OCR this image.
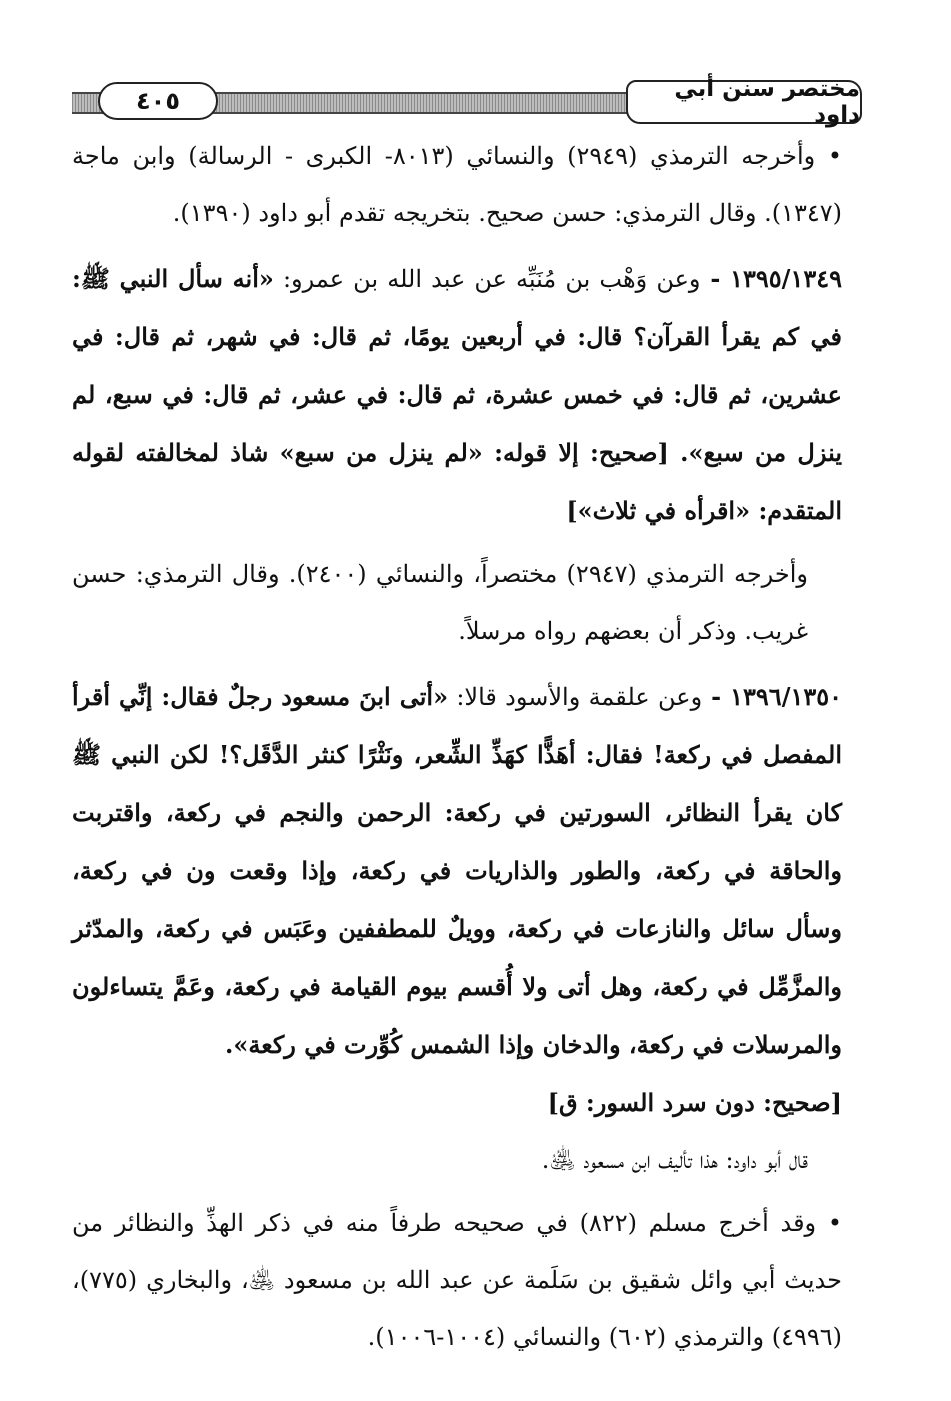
٤٠٥	مختصر سنن أبي داود

• وأخرجه الترمذي (٢٩٤٩) والنسائي (٨٠١٣- الكبرى - الرسالة) وابن ماجة (١٣٤٧). وقال الترمذي: حسن صحيح. بتخريجه تقدم أبو داود (١٣٩٠).

١٣٩٥/١٣٤٩ - وعن وَهْب بن مُنَبِّه عن عبد الله بن عمرو: «أنه سأل النبي ﷺ: في كم يقرأ القرآن؟ قال: في أربعين يومًا، ثم قال: في شهر، ثم قال: في عشرين، ثم قال: في خمس عشرة، ثم قال: في عشر، ثم قال: في سبع، لم ينزل من سبع». [صحيح: إلا قوله: «لم ينزل من سبع» شاذ لمخالفته لقوله المتقدم: «اقرأه في ثلاث»]

وأخرجه الترمذي (٢٩٤٧) مختصراً، والنسائي (٢٤٠٠). وقال الترمذي: حسن غريب. وذكر أن بعضهم رواه مرسلاً.

١٣٩٦/١٣٥٠ - وعن علقمة والأسود قالا: «أتى ابنَ مسعود رجلٌ فقال: إنِّي أقرأ المفصل في ركعة! فقال: أهَذًّا كهَذِّ الشِّعر، ونَثْرًا كنثر الدَّقَل؟! لكن النبي ﷺ كان يقرأ النظائر، السورتين في ركعة: الرحمن والنجم في ركعة، واقتربت والحاقة في ركعة، والطور والذاريات في ركعة، وإذا وقعت ون في ركعة، وسأل سائل والنازعات في ركعة، وويلٌ للمطففين وعَبَس في ركعة، والمدّثر والمزَّمِّل في ركعة، وهل أتى ولا أُقسم بيوم القيامة في ركعة، وعَمَّ يتساءلون والمرسلات في ركعة، والدخان وإذا الشمس كُوِّرت في ركعة».
[صحيح: دون سرد السور: ق]

قال أبو داود: هذا تأليف ابن مسعود ﵁.

• وقد أخرج مسلم (٨٢٢) في صحيحه طرفاً منه في ذكر الهذِّ والنظائر من حديث أبي وائل شقيق بن سَلَمة عن عبد الله بن مسعود ﵁، والبخاري (٧٧٥)، (٤٩٩٦) والترمذي (٦٠٢) والنسائي (١٠٠٤-١٠٠٦).
